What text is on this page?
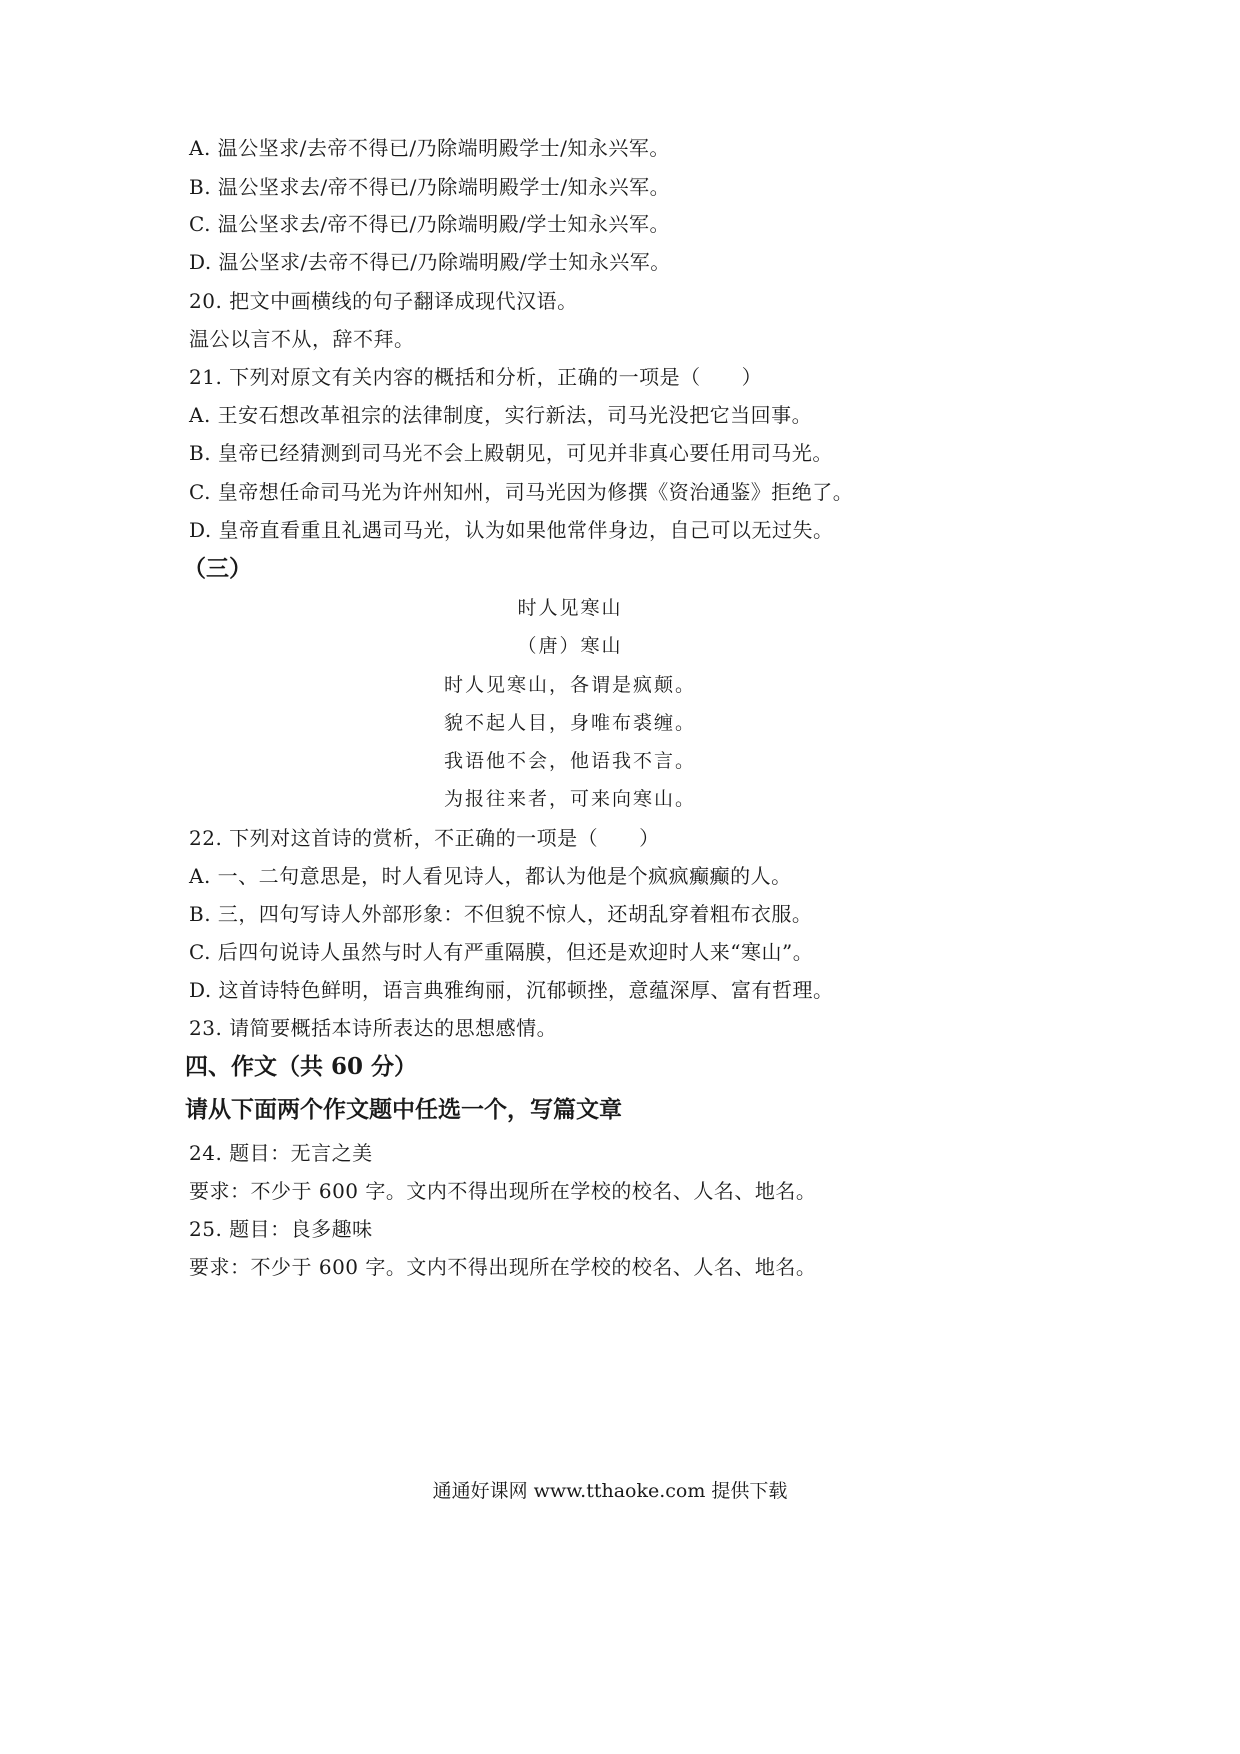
A. 温公坚求/去帝不得已/乃除端明殿学士/知永兴军。
B. 温公坚求去/帝不得已/乃除端明殿学士/知永兴军。
C. 温公坚求去/帝不得已/乃除端明殿/学士知永兴军。
D. 温公坚求/去帝不得已/乃除端明殿/学士知永兴军。
20. 把文中画横线的句子翻译成现代汉语。
温公以言不从，辞不拜。
21. 下列对原文有关内容的概括和分析，正确的一项是（　　）
A. 王安石想改革祖宗的法律制度，实行新法，司马光没把它当回事。
B. 皇帝已经猜测到司马光不会上殿朝见，可见并非真心要任用司马光。
C. 皇帝想任命司马光为许州知州，司马光因为修撰《资治通鉴》拒绝了。
D. 皇帝直看重且礼遇司马光，认为如果他常伴身边，自己可以无过失。
（三）
时人见寒山
（唐）寒山
时人见寒山，各谓是疯颠。
貌不起人目，身唯布裘缠。
我语他不会，他语我不言。
为报往来者，可来向寒山。
22. 下列对这首诗的赏析，不正确的一项是（　　）
A. 一、二句意思是，时人看见诗人，都认为他是个疯疯癫癫的人。
B. 三，四句写诗人外部形象：不但貌不惊人，还胡乱穿着粗布衣服。
C. 后四句说诗人虽然与时人有严重隔膜，但还是欢迎时人来“寒山”。
D. 这首诗特色鲜明，语言典雅绚丽，沉郁顿挫，意蕴深厚、富有哲理。
23. 请简要概括本诗所表达的思想感情。
四、作文（共 60 分）
请从下面两个作文题中任选一个，写篇文章
24. 题目：无言之美
要求：不少于 600 字。文内不得出现所在学校的校名、人名、地名。
25. 题目：良多趣味
要求：不少于 600 字。文内不得出现所在学校的校名、人名、地名。
通通好课网 www.tthaoke.com 提供下载
